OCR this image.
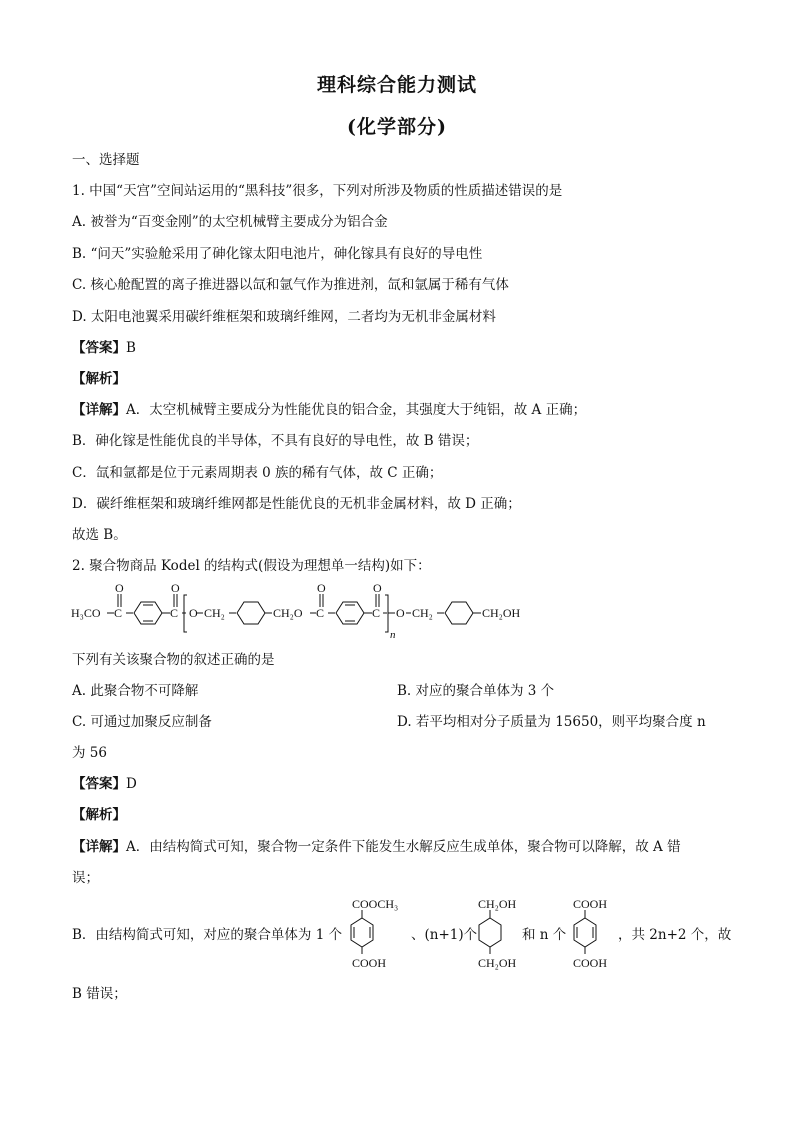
理科综合能力测试
(化学部分)
一、选择题
1. 中国“天宫”空间站运用的“黑科技”很多，下列对所涉及物质的性质描述错误的是
A. 被誉为“百变金刚”的太空机械臂主要成分为铝合金
B. “问天”实验舱采用了砷化镓太阳电池片，砷化镓具有良好的导电性
C. 核心舱配置的离子推进器以氙和氩气作为推进剂，氙和氩属于稀有气体
D. 太阳电池翼采用碳纤维框架和玻璃纤维网，二者均为无机非金属材料
【答案】B
【解析】
【详解】A．太空机械臂主要成分为性能优良的铝合金，其强度大于纯铝，故 A 正确；
B．砷化镓是性能优良的半导体，不具有良好的导电性，故 B 错误；
C．氙和氩都是位于元素周期表 0 族的稀有气体，故 C 正确；
D．碳纤维框架和玻璃纤维网都是性能优良的无机非金属材料，故 D 正确；
故选 B。
2. 聚合物商品 Kodel 的结构式(假设为理想单一结构)如下：
H₃CO C
O
C
O
O CH₂	CH₂O C
O
C
O
n
O CH₂	CH₂OH
下列有关该聚合物的叙述正确的是
A. 此聚合物不可降解	B. 对应的聚合单体为 3 个
C. 可通过加聚反应制备	D. 若平均相对分子质量为 15650，则平均聚合度 n
为 56
【答案】D
【解析】
【详解】A．由结构简式可知，聚合物一定条件下能发生水解反应生成单体，聚合物可以降解，故 A 错
误；
B．由结构简式可知，对应的聚合单体为 1 个
COOCH₃
COOH
、(n+1)个
CH₂OH
CH₂OH
和 n 个
COOH
COOH
，共 2n+2 个，故
B 错误；
